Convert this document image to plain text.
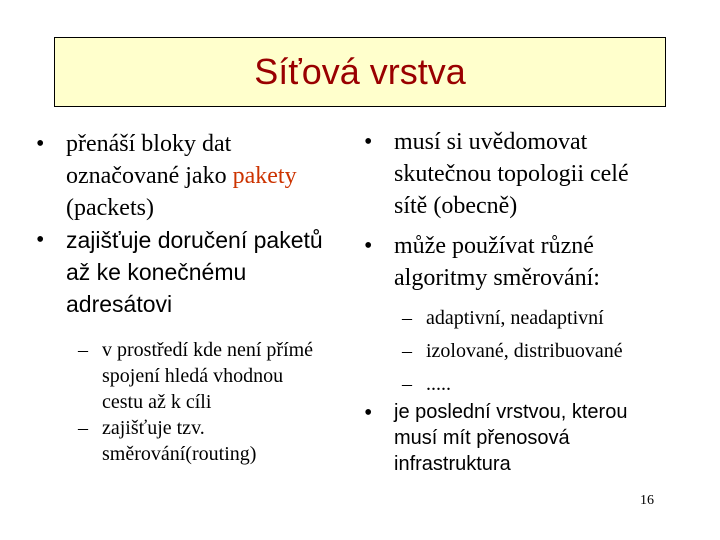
Síťová vrstva
• přenáší bloky dat
označované jako pakety
(packets)
• zajišťuje doručení paketů
až ke konečnému
adresátovi
– v prostředí kde není přímé
spojení hledá vhodnou
cestu až k cíli
– zajišťuje tzv.
směrování(routing)
• musí si uvědomovat
skutečnou topologii celé
sítě (obecně)
• může používat různé
algoritmy směrování:
– adaptivní, neadaptivní
– izolované, distribuované
– .....
• je poslední vrstvou, kterou
musí mít přenosová
infrastruktura
16
